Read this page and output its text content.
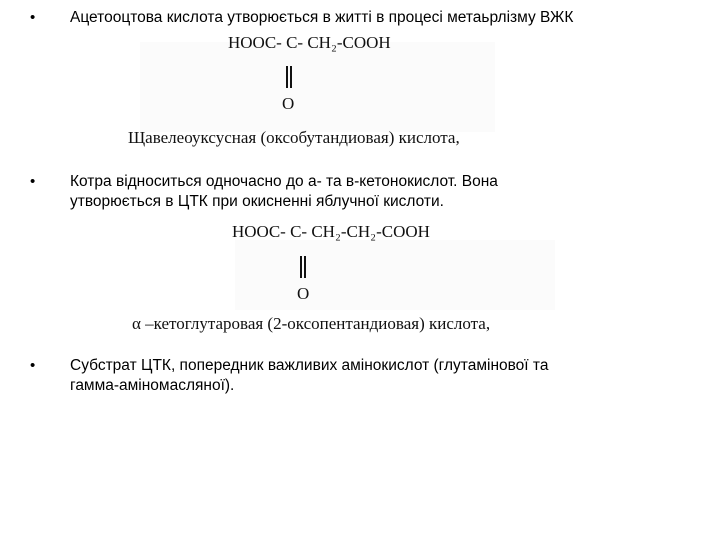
• Ацетооцтова кислота утворюється в житті в процесі метаьрлізму ВЖК
HOOC- C- CH₂-COOH
O
Щавелеоуксусная (оксобутандиовая) кислота,
• Котра відноситься одночасно до а- та в-кетонокислот. Вона
утворюється в ЦТК при окисненні яблучної кислоти.
HOOC- C- CH₂-CH₂-COOH
O
α –кетоглутаровая (2-оксопентандиовая) кислота,
• Субстрат ЦТК, попередник важливих амінокислот (глутамінової та
гамма-аміномасляної).
